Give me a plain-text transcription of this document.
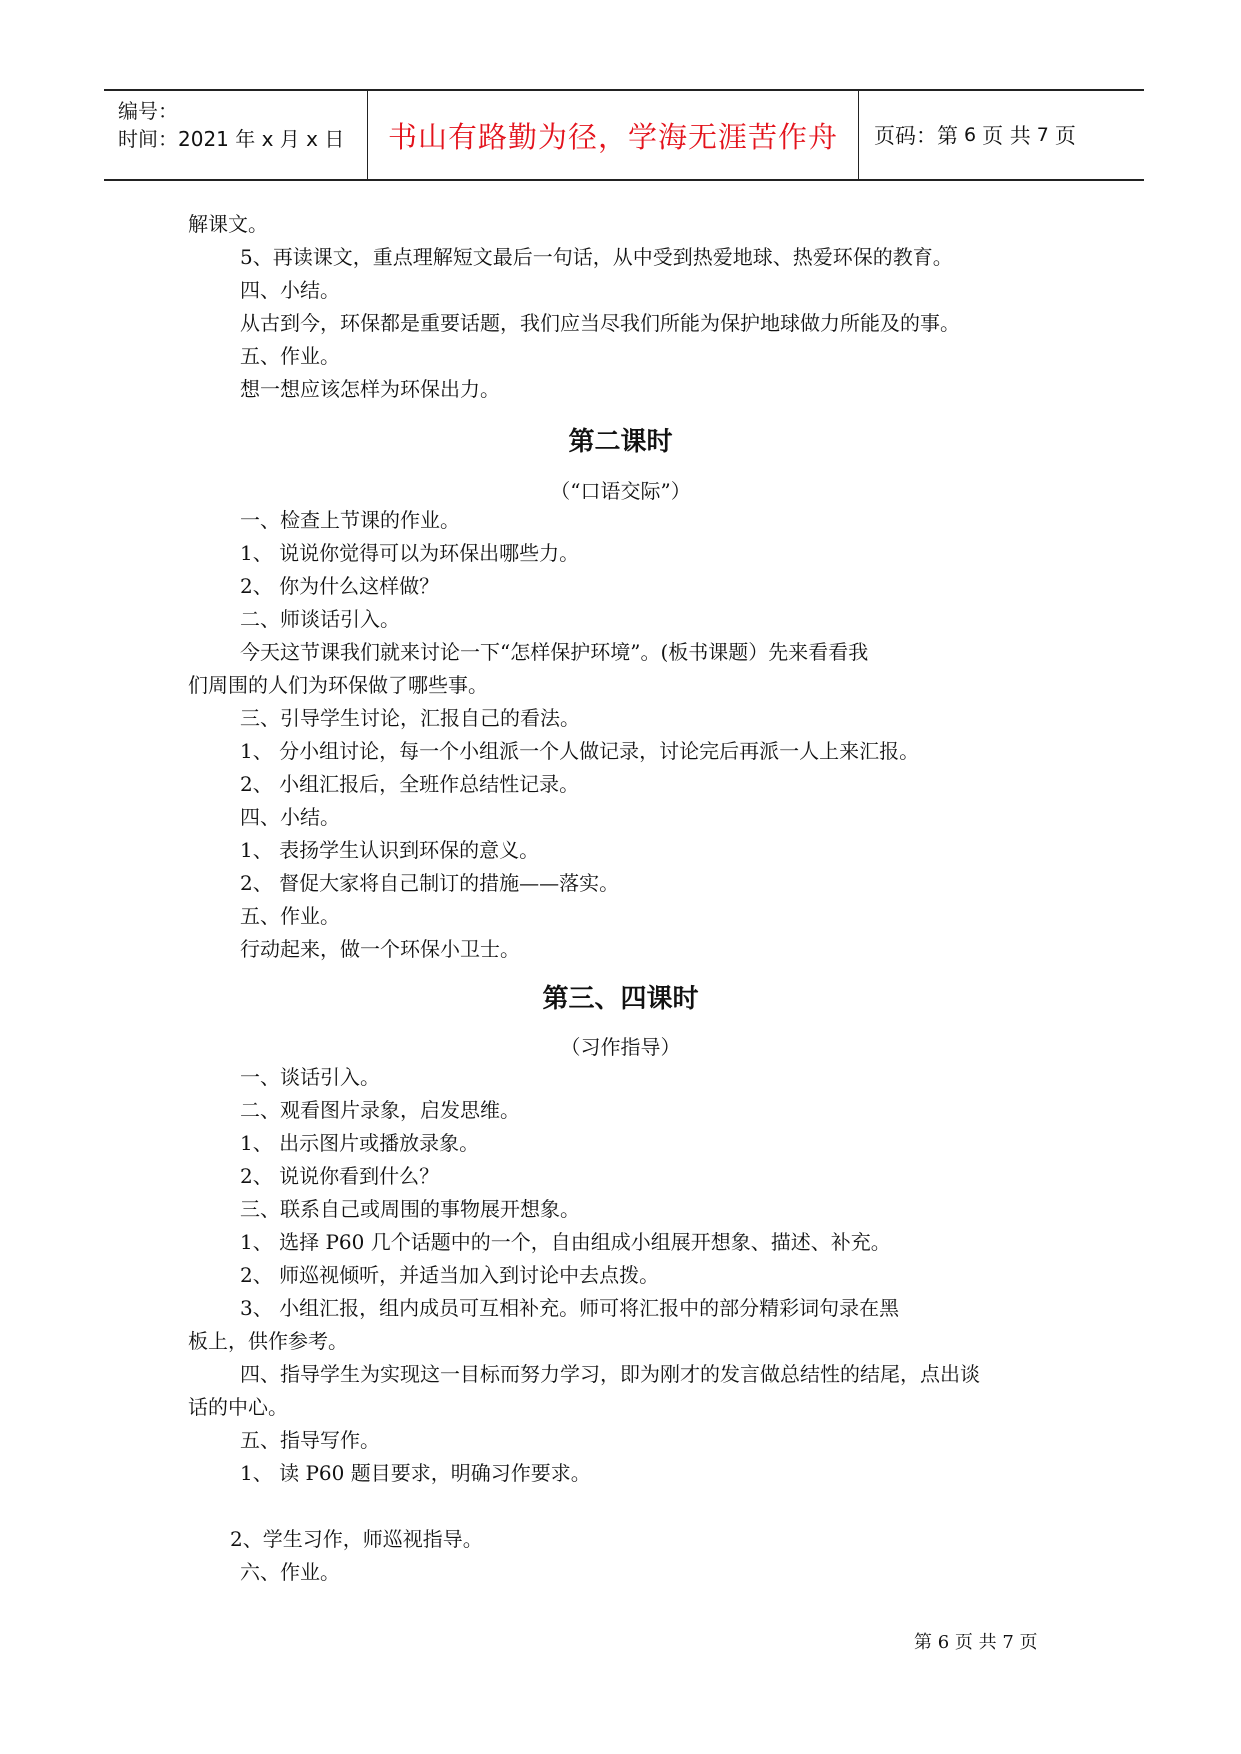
编号：
时间：2021 年 x 月 x 日	书山有路勤为径，学海无涯苦作舟	页码：第 6 页 共 7 页
解课文。
5、再读课文，重点理解短文最后一句话，从中受到热爱地球、热爱环保的教育。
四、小结。
从古到今，环保都是重要话题，我们应当尽我们所能为保护地球做力所能及的事。
五、作业。
想一想应该怎样为环保出力。
第二课时
（“口语交际”）
一、检查上节课的作业。
1、 说说你觉得可以为环保出哪些力。
2、 你为什么这样做？
二、师谈话引入。
今天这节课我们就来讨论一下“怎样保护环境”。(板书课题）先来看看我
们周围的人们为环保做了哪些事。
三、引导学生讨论，汇报自己的看法。
1、 分小组讨论，每一个小组派一个人做记录，讨论完后再派一人上来汇报。
2、 小组汇报后，全班作总结性记录。
四、小结。
1、 表扬学生认识到环保的意义。
2、 督促大家将自己制订的措施——落实。
五、作业。
行动起来，做一个环保小卫士。
第三、四课时
（习作指导）
一、谈话引入。
二、观看图片录象，启发思维。
1、 出示图片或播放录象。
2、 说说你看到什么？
三、联系自己或周围的事物展开想象。
1、 选择 P60 几个话题中的一个，自由组成小组展开想象、描述、补充。
2、 师巡视倾听，并适当加入到讨论中去点拨。
3、 小组汇报，组内成员可互相补充。师可将汇报中的部分精彩词句录在黑
板上，供作参考。
四、指导学生为实现这一目标而努力学习，即为刚才的发言做总结性的结尾，点出谈
话的中心。
五、指导写作。
1、 读 P60 题目要求，明确习作要求。
2、学生习作，师巡视指导。
六、作业。
第 6 页 共 7 页
